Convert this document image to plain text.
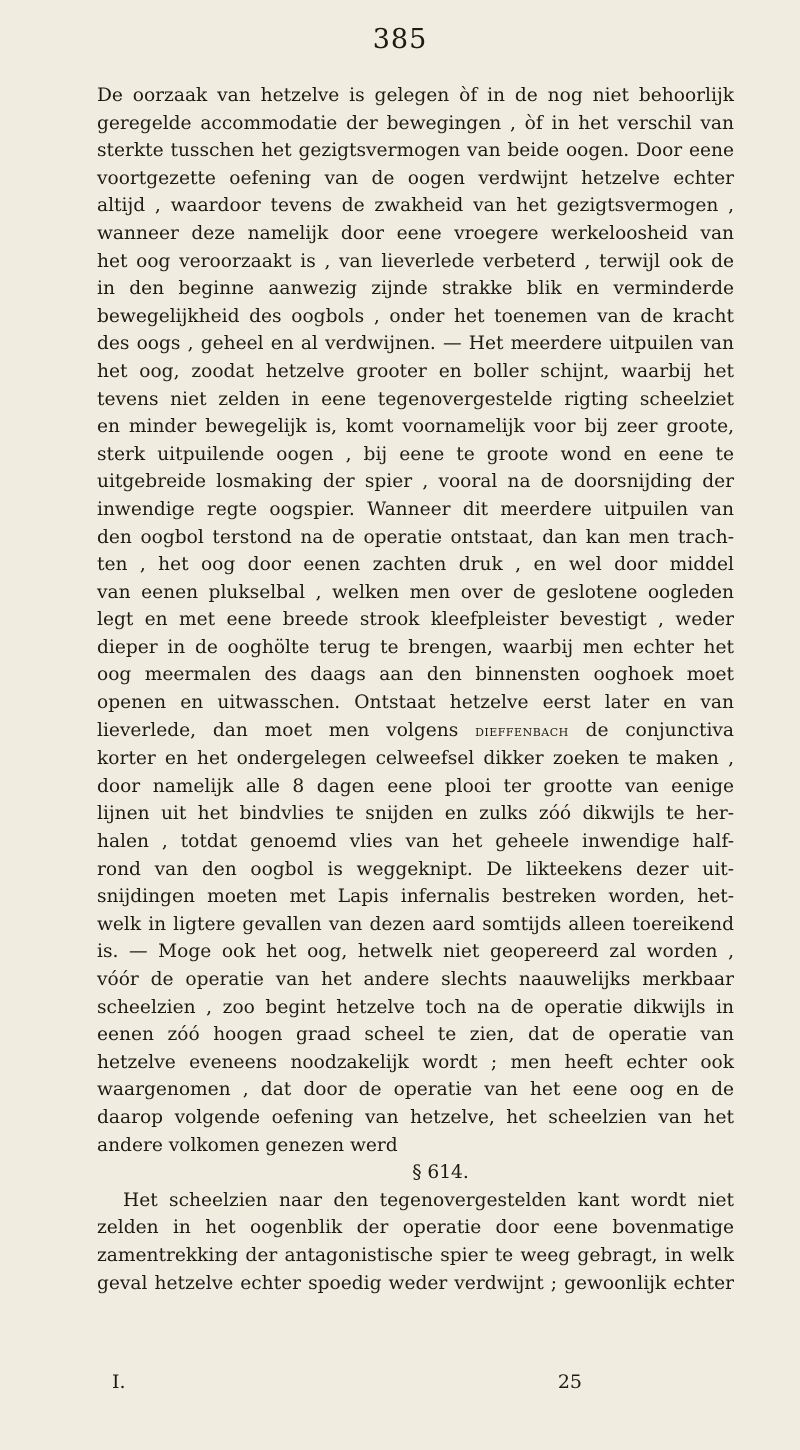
385
De oorzaak van hetzelve is gelegen òf in de nog niet behoorlijk
geregelde accommodatie der bewegingen , òf in het verschil van
sterkte tusschen het gezigtsvermogen van beide oogen. Door eene
voortgezette oefening van de oogen verdwijnt hetzelve echter
altijd , waardoor tevens de zwakheid van het gezigtsvermogen ,
wanneer deze namelijk door eene vroegere werkeloosheid van
het oog veroorzaakt is , van lieverlede verbeterd , terwijl ook de
in den beginne aanwezig zijnde strakke blik en verminderde
bewegelijkheid des oogbols , onder het toenemen van de kracht
des oogs , geheel en al verdwijnen. — Het meerdere uitpuilen van
het oog, zoodat hetzelve grooter en boller schijnt, waarbij het
tevens niet zelden in eene tegenovergestelde rigting scheelziet
en minder bewegelijk is, komt voornamelijk voor bij zeer groote,
sterk uitpuilende oogen , bij eene te groote wond en eene te
uitgebreide losmaking der spier , vooral na de doorsnijding der
inwendige regte oogspier. Wanneer dit meerdere uitpuilen van
den oogbol terstond na de operatie ontstaat, dan kan men trach-
ten , het oog door eenen zachten druk , en wel door middel
van eenen plukselbal , welken men over de geslotene oogleden
legt en met eene breede strook kleefpleister bevestigt , weder
dieper in de ooghölte terug te brengen, waarbij men echter het
oog meermalen des daags aan den binnensten ooghoek moet
openen en uitwasschen. Ontstaat hetzelve eerst later en van
lieverlede, dan moet men volgens dieffenbach de conjunctiva
korter en het ondergelegen celweefsel dikker zoeken te maken ,
door namelijk alle 8 dagen eene plooi ter grootte van eenige
lijnen uit het bindvlies te snijden en zulks zóó dikwijls te her-
halen , totdat genoemd vlies van het geheele inwendige half-
rond van den oogbol is weggeknipt. De likteekens dezer uit-
snijdingen moeten met Lapis infernalis bestreken worden, het-
welk in ligtere gevallen van dezen aard somtijds alleen toereikend
is. — Moge ook het oog, hetwelk niet geopereerd zal worden ,
vóór de operatie van het andere slechts naauwelijks merkbaar
scheelzien , zoo begint hetzelve toch na de operatie dikwijls in
eenen zóó hoogen graad scheel te zien, dat de operatie van
hetzelve eveneens noodzakelijk wordt ; men heeft echter ook
waargenomen , dat door de operatie van het eene oog en de
daarop volgende oefening van hetzelve, het scheelzien van het
andere volkomen genezen werd
§ 614.
Het scheelzien naar den tegenovergestelden kant wordt niet
zelden in het oogenblik der operatie door eene bovenmatige
zamentrekking der antagonistische spier te weeg gebragt, in welk
geval hetzelve echter spoedig weder verdwijnt ; gewoonlijk echter
I.	25
